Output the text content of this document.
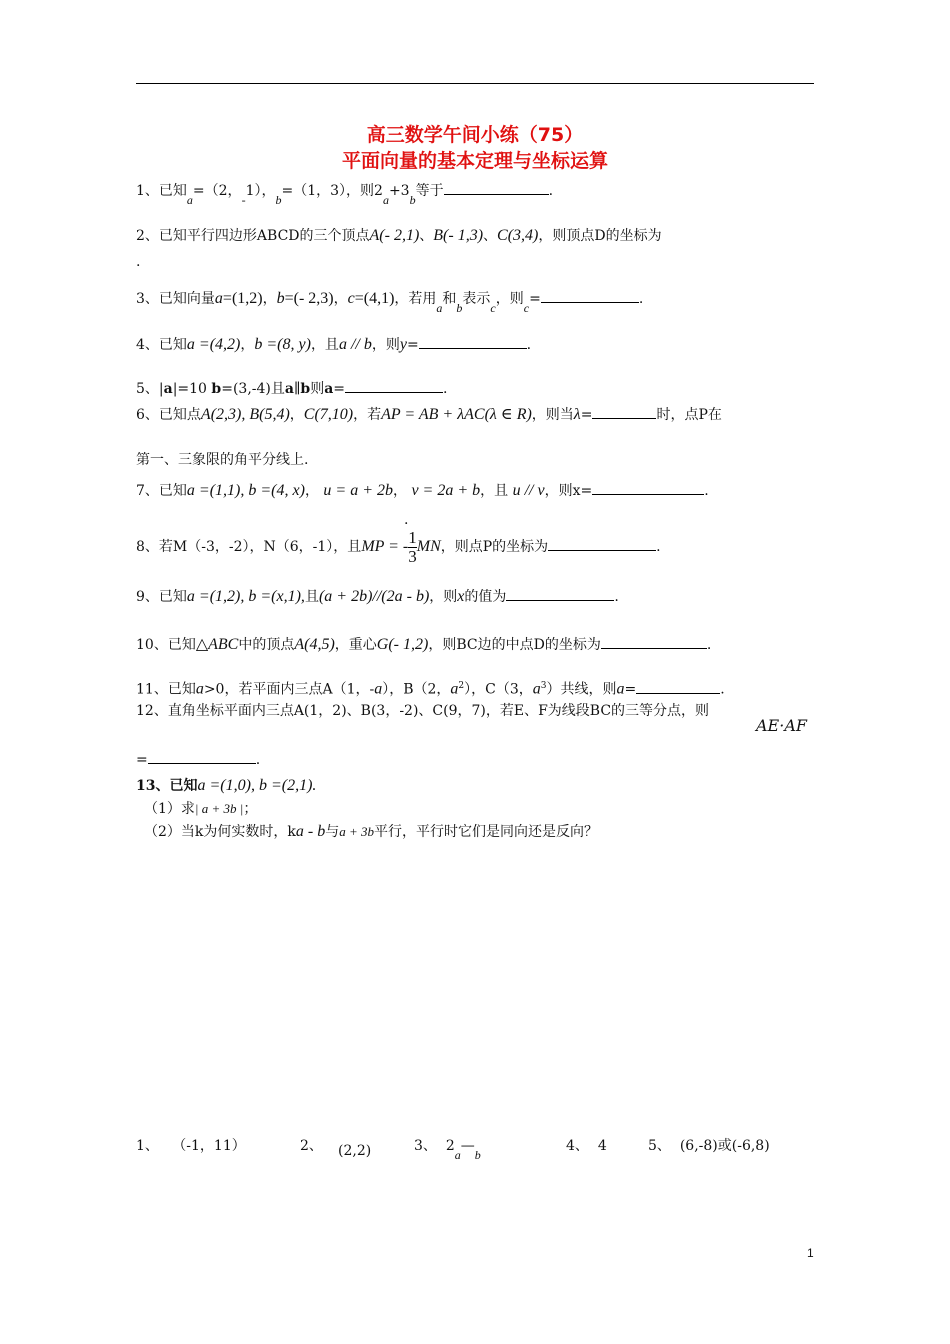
高三数学午间小练（75）
平面向量的基本定理与坐标运算
1、已知a=（2，-1），b=（1，3），则2a+3b等于	.
2、已知平行四边形ABCD的三个顶点A(- 2,1)、B(- 1,3)、C(3,4)，则顶点D的坐标为
.
3、已知向量a=(1,2)，b=(- 2,3)，c=(4,1)，若用a和b表示c，则c=	.
4、已知a =(4,2)，b =(8, y)，且a // b，则y=	.
5、|a|=10 b=(3,-4)且a∥b则a=	.
6、已知点A(2,3), B(5,4)，C(7,10)，若AP = AB + λAC(λ ∈ R)，则当λ=	时，点P在
第一、三象限的角平分线上.
7、已知a =(1,1), b =(4, x)， u = a + 2b， v = 2a + b，且 u // v，则x=	.
.
8、若M（-3，-2），N（6，-1），且MP = - $\frac{1}{3}$ MN，则点P的坐标为	.
9、已知a =(1,2), b =(x,1),且(a + 2b)//(2a - b)，则x的值为	.
10、已知△ABC中的顶点A(4,5)，重心G(- 1,2)，则BC边的中点D的坐标为	.
11、已知a>0，若平面内三点A（1，-a），B（2，$a^2$），C（3，$a^3$）共线，则a=	.
12、直角坐标平面内三点A(1，2)、B(3，-2)、C(9，7)，若E、F为线段BC的三等分点，则
AE·AF
=	.
13、已知a =(1,0), b =(2,1).
（1）求| a + 3b |；
（2）当k为何实数时，ka - b与a + 3b平行，平行时它们是同向还是反向？
1、 （-1，11）	2、 (2,2)	3、 2a—b
4、 4	5、 (6,-8)或(-6,8)
1
